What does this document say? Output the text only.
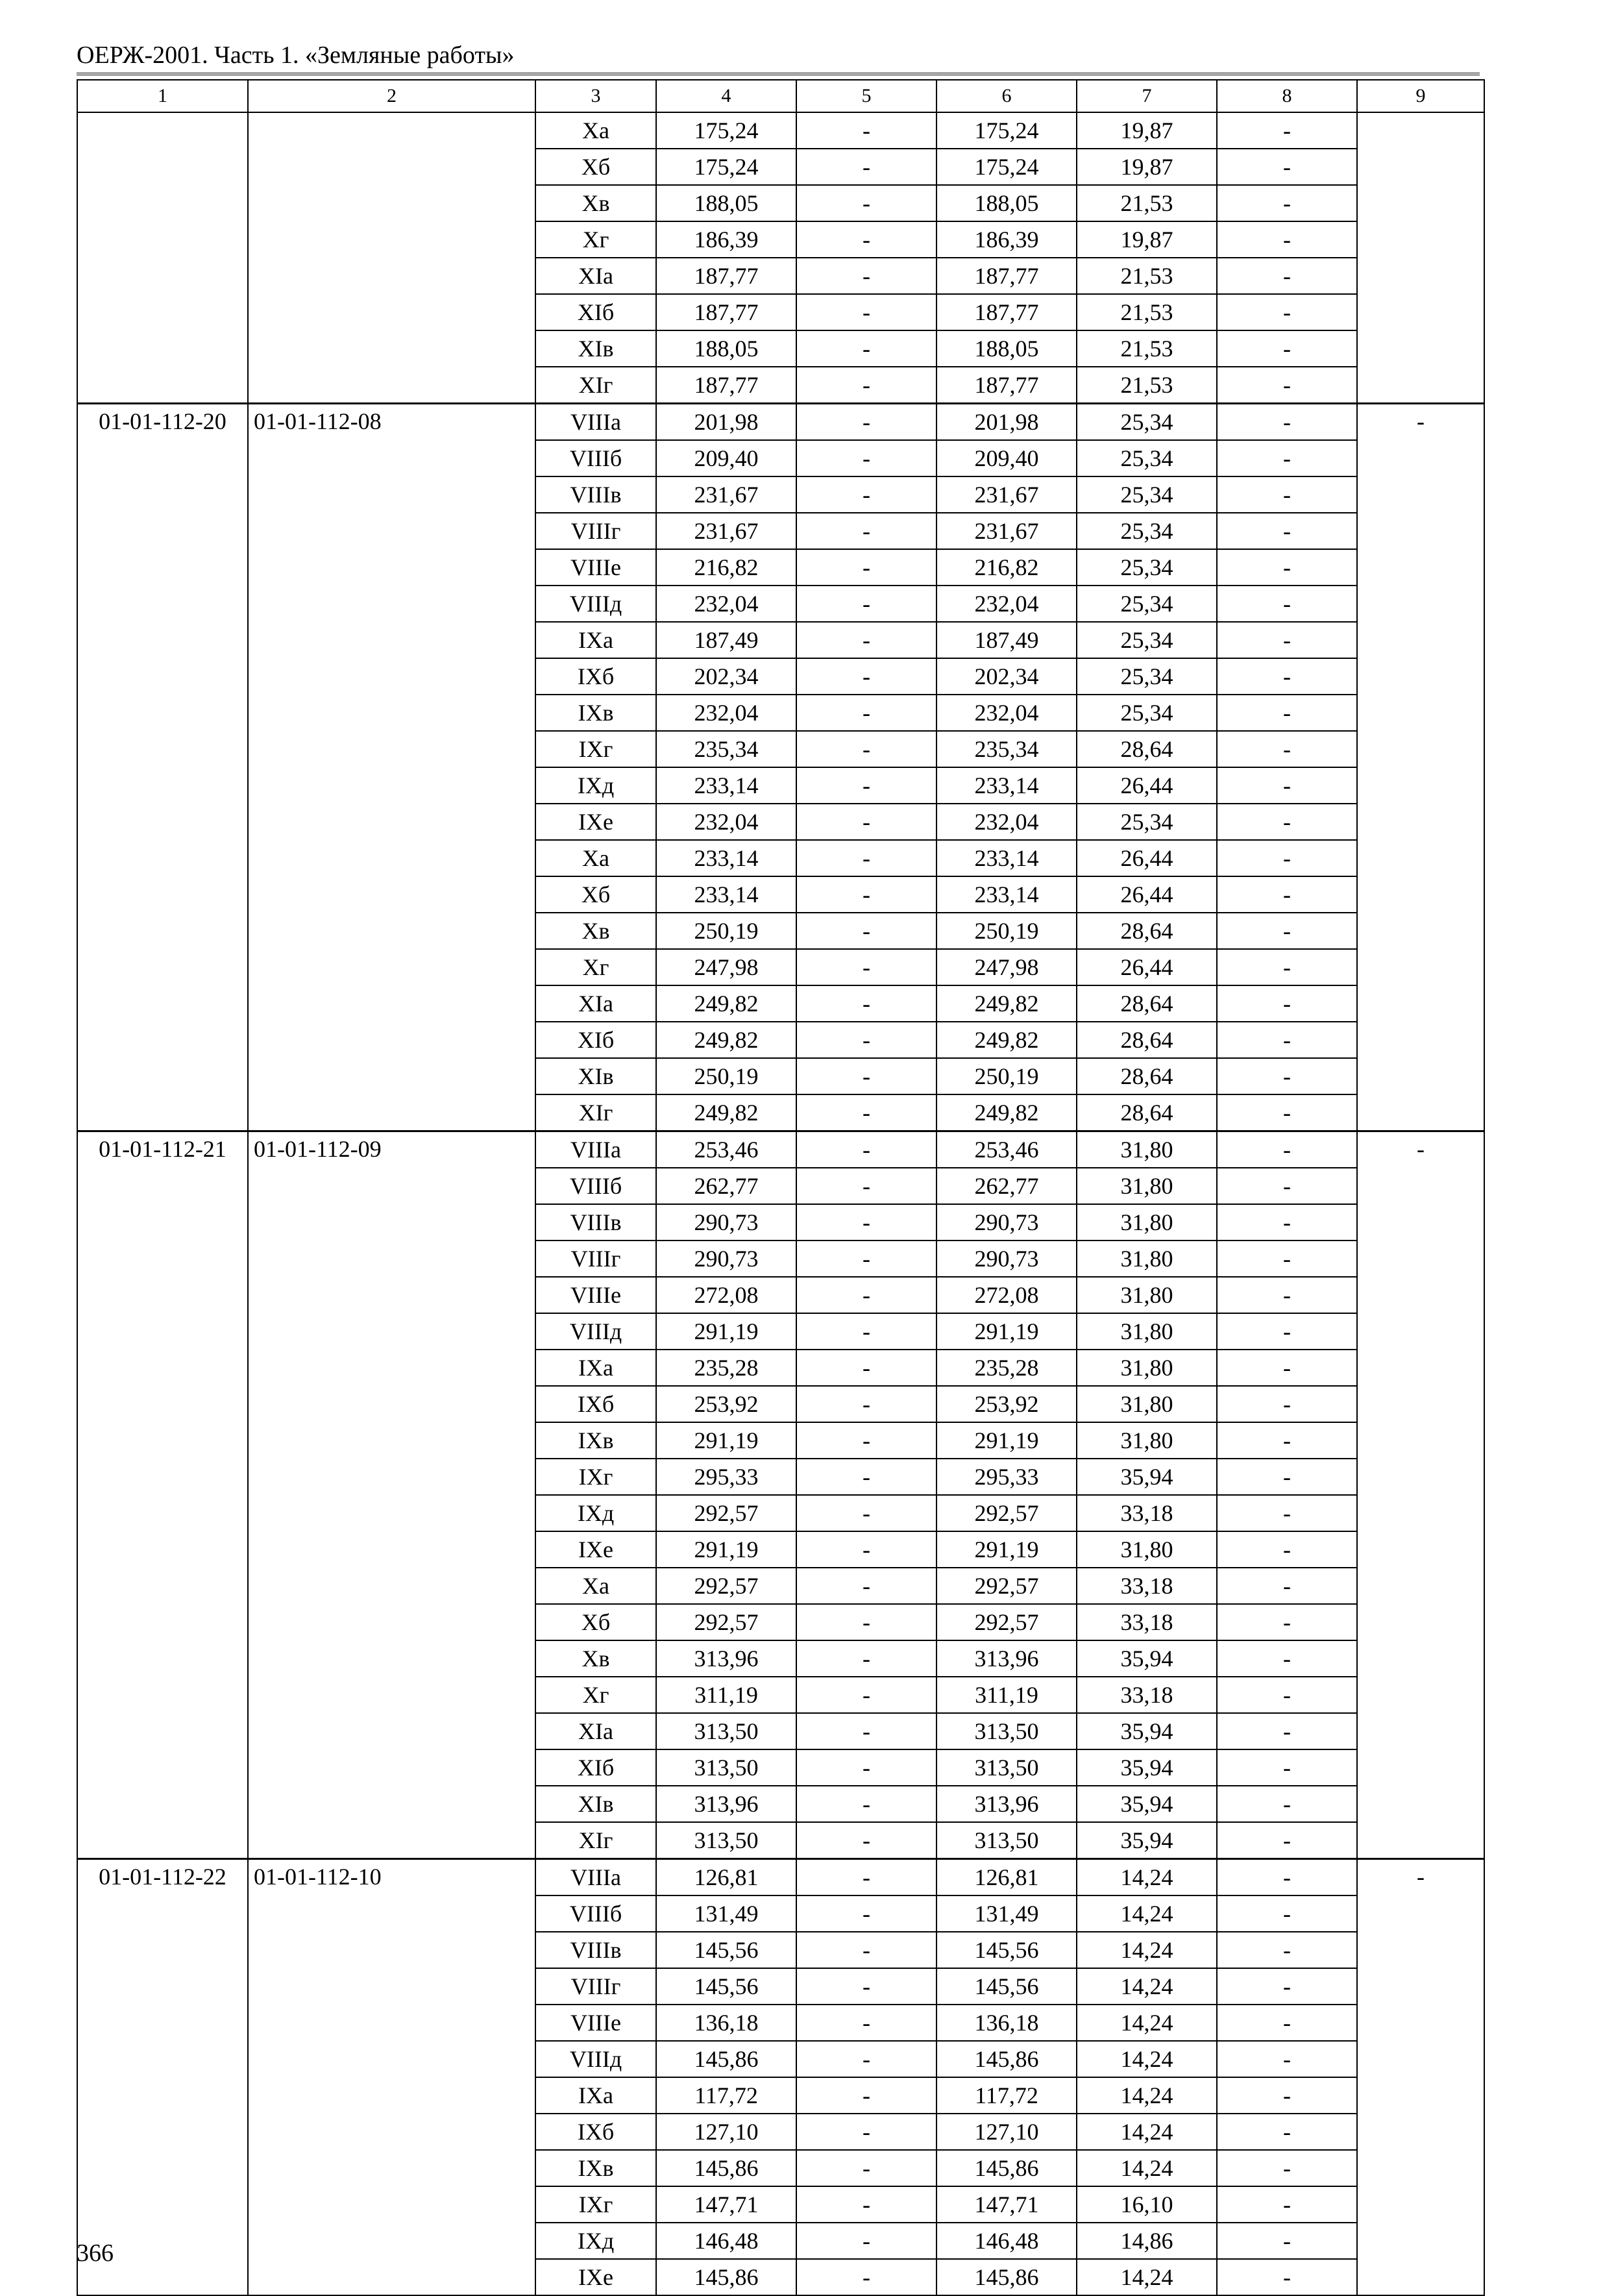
ОЕРЖ-2001. Часть 1. «Земляные работы»
1	2	3	4	5	6	7	8	9
		Xа	175,24	-	175,24	19,87	-	
		Xб	175,24	-	175,24	19,87	-	
		Xв	188,05	-	188,05	21,53	-	
		Xг	186,39	-	186,39	19,87	-	
		XIа	187,77	-	187,77	21,53	-	
		XIб	187,77	-	187,77	21,53	-	
		XIв	188,05	-	188,05	21,53	-	
		XIг	187,77	-	187,77	21,53	-	
01-01-112-20	01-01-112-08	VIIIа	201,98	-	201,98	25,34	-	-
		VIIIб	209,40	-	209,40	25,34	-	
		VIIIв	231,67	-	231,67	25,34	-	
		VIIIг	231,67	-	231,67	25,34	-	
		VIIIе	216,82	-	216,82	25,34	-	
		VIIIд	232,04	-	232,04	25,34	-	
		IXа	187,49	-	187,49	25,34	-	
		IXб	202,34	-	202,34	25,34	-	
		IXв	232,04	-	232,04	25,34	-	
		IXг	235,34	-	235,34	28,64	-	
		IXд	233,14	-	233,14	26,44	-	
		IXе	232,04	-	232,04	25,34	-	
		Xа	233,14	-	233,14	26,44	-	
		Xб	233,14	-	233,14	26,44	-	
		Xв	250,19	-	250,19	28,64	-	
		Xг	247,98	-	247,98	26,44	-	
		XIа	249,82	-	249,82	28,64	-	
		XIб	249,82	-	249,82	28,64	-	
		XIв	250,19	-	250,19	28,64	-	
		XIг	249,82	-	249,82	28,64	-	
01-01-112-21	01-01-112-09	VIIIа	253,46	-	253,46	31,80	-	-
		VIIIб	262,77	-	262,77	31,80	-	
		VIIIв	290,73	-	290,73	31,80	-	
		VIIIг	290,73	-	290,73	31,80	-	
		VIIIе	272,08	-	272,08	31,80	-	
		VIIIд	291,19	-	291,19	31,80	-	
		IXа	235,28	-	235,28	31,80	-	
		IXб	253,92	-	253,92	31,80	-	
		IXв	291,19	-	291,19	31,80	-	
		IXг	295,33	-	295,33	35,94	-	
		IXд	292,57	-	292,57	33,18	-	
		IXе	291,19	-	291,19	31,80	-	
		Xа	292,57	-	292,57	33,18	-	
		Xб	292,57	-	292,57	33,18	-	
		Xв	313,96	-	313,96	35,94	-	
		Xг	311,19	-	311,19	33,18	-	
		XIа	313,50	-	313,50	35,94	-	
		XIб	313,50	-	313,50	35,94	-	
		XIв	313,96	-	313,96	35,94	-	
		XIг	313,50	-	313,50	35,94	-	
01-01-112-22	01-01-112-10	VIIIа	126,81	-	126,81	14,24	-	-
		VIIIб	131,49	-	131,49	14,24	-	
		VIIIв	145,56	-	145,56	14,24	-	
		VIIIг	145,56	-	145,56	14,24	-	
		VIIIе	136,18	-	136,18	14,24	-	
		VIIIд	145,86	-	145,86	14,24	-	
		IXа	117,72	-	117,72	14,24	-	
		IXб	127,10	-	127,10	14,24	-	
		IXв	145,86	-	145,86	14,24	-	
		IXг	147,71	-	147,71	16,10	-	
		IXд	146,48	-	146,48	14,86	-	
		IXе	145,86	-	145,86	14,24	-	
366
